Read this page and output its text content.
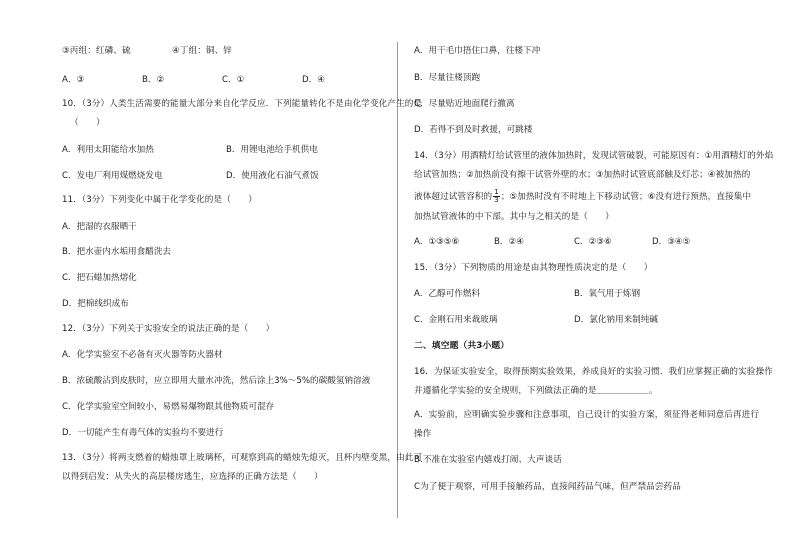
③丙组：红磷、硫	④丁组：铜、锌
A．③	B．②	C．①	D．④
10．（3分）人类生活需要的能量大部分来自化学反应．下列能量转化不是由化学变化产生的是
（　　）
A．利用太阳能给水加热	B．用锂电池给手机供电
C．发电厂利用煤燃烧发电	D．使用液化石油气煮饭
11．（3分）下列变化中属于化学变化的是（　　）
A．把湿的衣服晒干
B．把水壶内水垢用食醋洗去
C．把石蜡加热熔化
D．把棉线织成布
12．（3分）下列关于实验安全的说法正确的是（　　）
A．化学实验室不必备有灭火器等防火器材
B．浓硫酸沾到皮肤时，应立即用大量水冲洗，然后涂上3%～5%的碳酸氢钠溶液
C．化学实验室空间较小，易燃易爆物跟其他物质可混存
D．一切能产生有毒气体的实验均不要进行
13．（3分）将两支燃着的蜡烛罩上玻璃杯，可观察到高的蜡烛先熄灭，且杯内壁变黑，由此可
以得到启发：从失火的高层楼房逃生，应选择的正确方法是（　　）
A．用干毛巾捂住口鼻，往楼下冲
B．尽量往楼顶跑
C．尽量贴近地面爬行撤离
D．若得不到及时救援，可跳楼
14．（3分）用酒精灯给试管里的液体加热时，发现试管破裂，可能原因有：①用酒精灯的外焰
给试管加热；②加热前没有擦干试管外壁的水；③加热时试管底部触及灯芯；④被加热的
液体超过试管容积的 $\frac{1}{3}$ ；⑤加热时没有不时地上下移动试管；⑥没有进行预热，直接集中
加热试管液体的中下部。其中与之相关的是（　　）
A．①③⑤⑥	B．②④	C．②③⑥	D．③④⑤
15．（3分）下列物质的用途是由其物理性质决定的是（　　）
A．乙醇可作燃料	B．氧气用于炼钢
C．金刚石用来裁玻璃	D．氯化钠用来制纯碱
二、填空题（共3小题）
16．为保证实验安全，取得预期实验效果，养成良好的实验习惯．我们应掌握正确的实验操作
并遵循化学实验的安全规则，下列做法正确的是＿＿＿＿＿＿。
A．实验前，应明确实验步骤和注意事项，自己设计的实验方案，须征得老师同意后再进行
操作
B.不准在实验室内嬉戏打闹、大声谈话
C为了便于观察，可用手接触药品，直接闻药品气味，但严禁品尝药品
